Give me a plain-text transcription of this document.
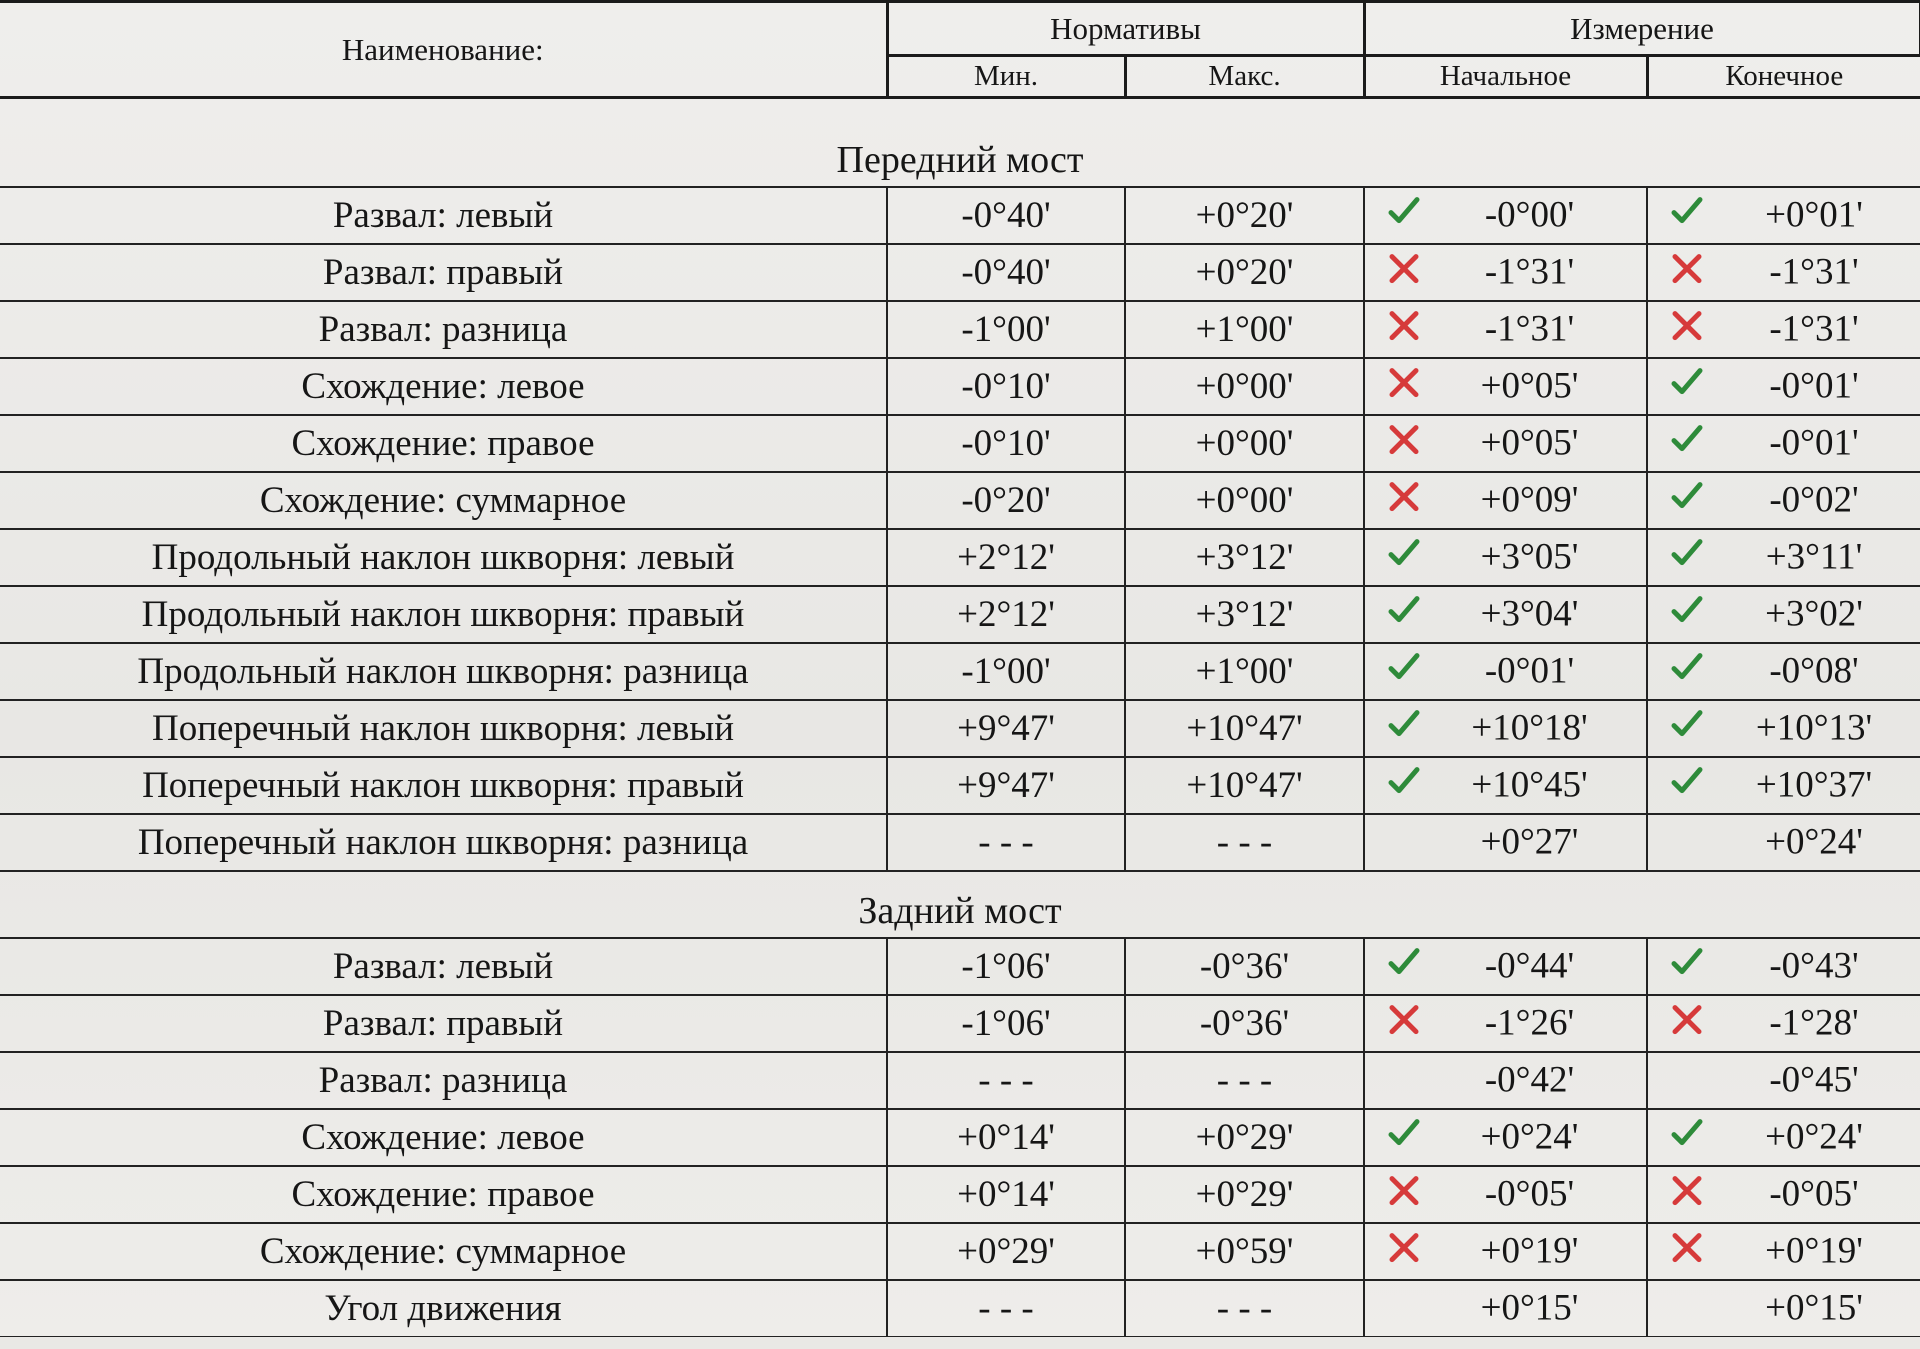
Наименование:	Нормативы		Измерение	
	Мин.	Макс.	Начальное	Конечное
Передний мост				
Развал: левый	-0°40'	+0°20'	-0°00'	+0°01'

Развал: правый	-0°40'	+0°20'	-1°31'	-1°31'

Развал: разница	-1°00'	+1°00'	-1°31'	-1°31'

Схождение: левое	-0°10'	+0°00'	+0°05'	-0°01'

Схождение: правое	-0°10'	+0°00'	+0°05'	-0°01'

Схождение: суммарное	-0°20'	+0°00'	+0°09'	-0°02'

Продольный наклон шкворня: левый	+2°12'	+3°12'	+3°05'	+3°11'

Продольный наклон шкворня: правый	+2°12'	+3°12'	+3°04'	+3°02'

Продольный наклон шкворня: разница	-1°00'	+1°00'	-0°01'	-0°08'

Поперечный наклон шкворня: левый	+9°47'	+10°47'	+10°18'	+10°13'

Поперечный наклон шкворня: правый	+9°47'	+10°47'	+10°45'	+10°37'

Поперечный наклон шкворня: разница	- - -	- - -	+0°27'	+0°24'

Задний мост				
Развал: левый	-1°06'	-0°36'	-0°44'	-0°43'

Развал: правый	-1°06'	-0°36'	-1°26'	-1°28'

Развал: разница	- - -	- - -	-0°42'	-0°45'

Схождение: левое	+0°14'	+0°29'	+0°24'	+0°24'

Схождение: правое	+0°14'	+0°29'	-0°05'	-0°05'

Схождение: суммарное	+0°29'	+0°59'	+0°19'	+0°19'

Угол движения	- - -	- - -	+0°15'	+0°15'
